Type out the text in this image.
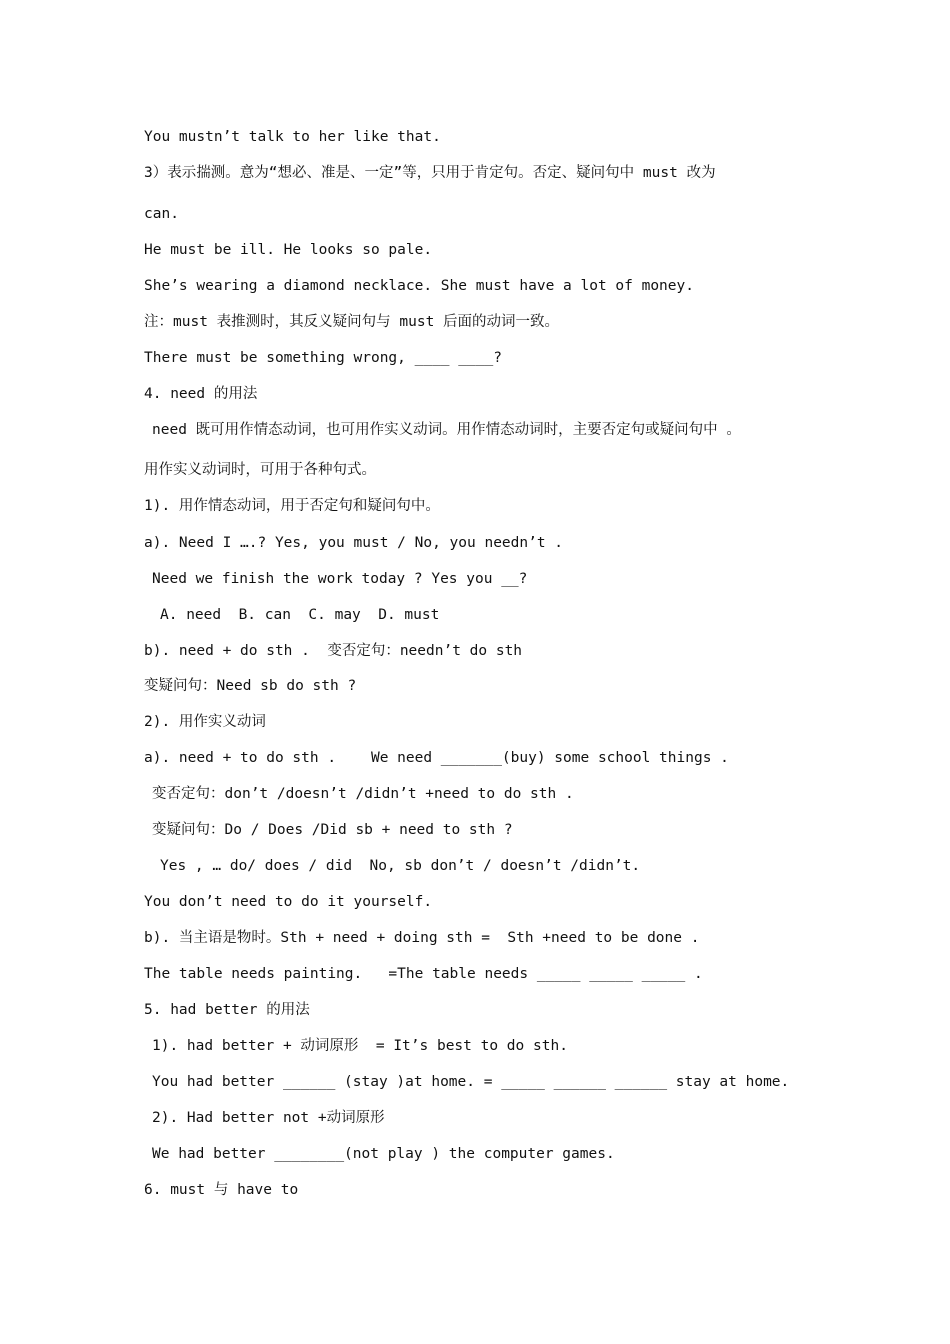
You mustn’t talk to her like that.
3）表示揣测。意为“想必、准是、一定”等，只用于肯定句。否定、疑问句中 must 改为
can.
He must be ill. He looks so pale.
She’s wearing a diamond necklace. She must have a lot of money.
注：must 表推测时，其反义疑问句与 must 后面的动词一致。
There must be something wrong, ____ ____?
4. need 的用法
need 既可用作情态动词，也可用作实义动词。用作情态动词时，主要否定句或疑问句中 。
用作实义动词时，可用于各种句式。
1). 用作情态动词，用于否定句和疑问句中。
a). Need I ….? Yes, you must / No, you needn’t .
Need we finish the work today ? Yes you __?
A. need  B. can  C. may  D. must
b). need + do sth .  变否定句：needn’t do sth
变疑问句：Need sb do sth ?
2). 用作实义动词
a). need + to do sth .    We need _______(buy) some school things .
变否定句：don’t /doesn’t /didn’t +need to do sth .
变疑问句：Do / Does /Did sb + need to sth ?
Yes , … do/ does / did  No, sb don’t / doesn’t /didn’t.
You don’t need to do it yourself.
b). 当主语是物时。Sth + need + doing sth =  Sth +need to be done .
The table needs painting.   =The table needs _____ _____ _____ .
5. had better 的用法
1). had better + 动词原形  = It’s best to do sth.
You had better ______ (stay )at home. = _____ ______ ______ stay at home.
2). Had better not +动词原形
We had better ________(not play ) the computer games.
6. must 与 have to
